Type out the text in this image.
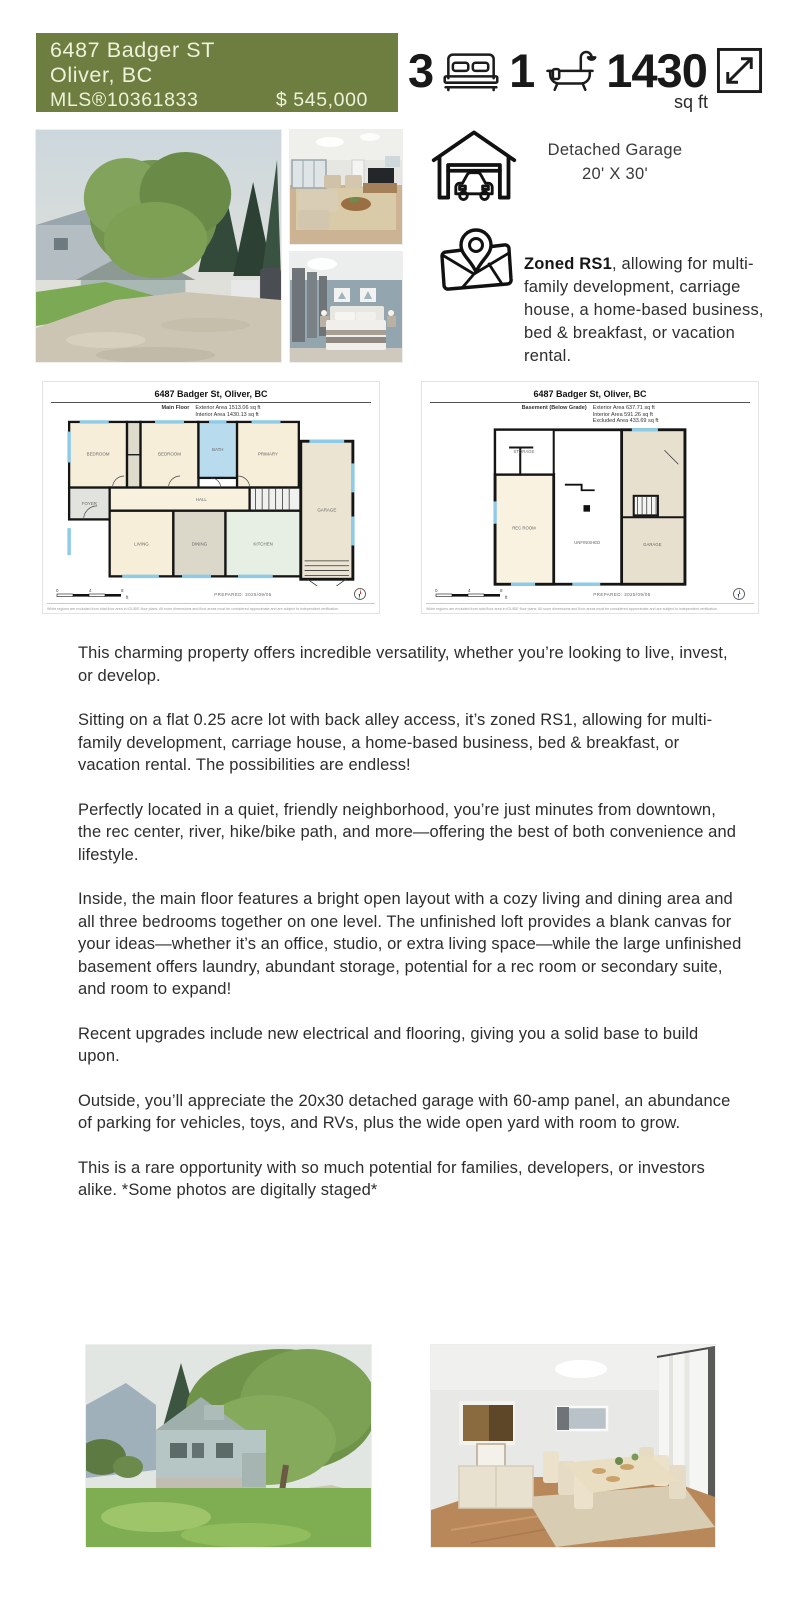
6487 Badger ST
Oliver, BC
MLS®10361833	$ 545,000
3 1 1430
sq ft
Detached Garage
20' X 30'

Zoned RS1, allowing for multi-family development, carriage house, a home-based business, bed & breakfast, or vacation rental.

6487 Badger St, Oliver, BC
Main Floor Exterior Area 1513.06 sq ft
Interior Area 1430.13 sq ft
BEDROOM	BEDROOM
BATH
PRIMARY
HALL
FOYER
LIVING	DINING	KITCHEN
GARAGE
0	4	8
ft
PREPARED: 2025/09/05
White regions are excluded from total floor area in iGUIDE floor plans. All room dimensions and floor areas must be considered approximate and are subject to independent verification.
6487 Badger St, Oliver, BC
Basement (Below Grade) Exterior Area 637.71 sq ft
Interior Area 591.26 sq ft
Excluded Area 433.69 sq ft
STORAGE
REC ROOM
UNFINISHED	GARAGE
0	4	8
ft
PREPARED: 2025/09/05
White regions are excluded from total floor area in iGUIDE floor plans. All room dimensions and floor areas must be considered approximate and are subject to independent verification.

This charming property offers incredible versatility, whether you’re looking to live, invest, or develop.

Sitting on a flat 0.25 acre lot with back alley access, it’s zoned RS1, allowing for multi-family development, carriage house, a home-based business, bed & breakfast, or vacation rental. The possibilities are endless!

Perfectly located in a quiet, friendly neighborhood, you’re just minutes from downtown, the rec center, river, hike/bike path, and more—offering the best of both convenience and lifestyle.

Inside, the main floor features a bright open layout with a cozy living and dining area and all three bedrooms together on one level. The unfinished loft provides a blank canvas for your ideas—whether it’s an office, studio, or extra living space—while the large unfinished basement offers laundry, abundant storage, potential for a rec room or secondary suite, and room to expand!

Recent upgrades include new electrical and flooring, giving you a solid base to build upon.

Outside, you’ll appreciate the 20x30 detached garage with 60-amp panel, an abundance of parking for vehicles, toys, and RVs, plus the wide open yard with room to grow.

This is a rare opportunity with so much potential for families, developers, or investors alike. *Some photos are digitally staged*
